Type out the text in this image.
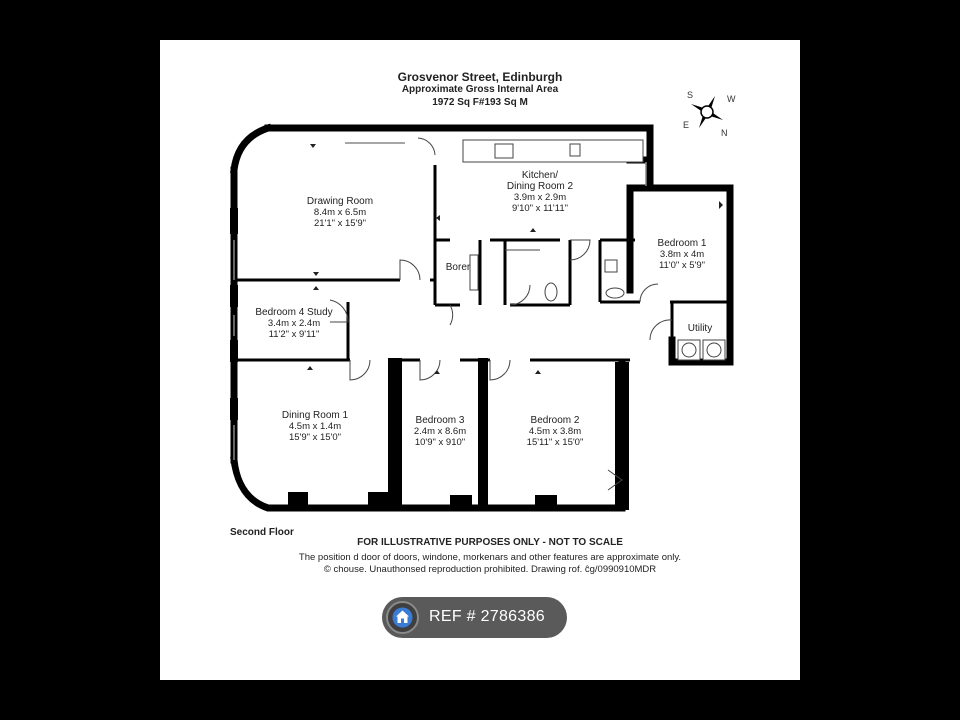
S	W
E
N
Grosvenor Street, Edinburgh
Approximate Gross Internal Area
1972 Sq F#193 Sq M
Drawing Room
8.4m x 6.5m
21'1" x 15'9"
Kitchen/
Dining Room 2
3.9m x 2.9m
9'10" x 11'11"
Bedroom 1
3.8m x 4m
11'0" x 5'9"
Borer
Utility
Bedroom 4 Study
3.4m x 2.4m
11'2" x 9'11"
Dining Room 1
4.5m x 1.4m
15'9" x 15'0"
Bedroom 3
2.4m x 8.6m
10'9" x 910"
Bedroom 2
4.5m x 3.8m
15'11" x 15'0"
Second Floor
FOR ILLUSTRATIVE PURPOSES ONLY - NOT TO SCALE
The position d door of doors, windone, morkenars and other features are approximate only.
© chouse. Unauthonsed reproduction prohibited. Drawing rof. ĉg/0990910MDR
REF # 2786386
